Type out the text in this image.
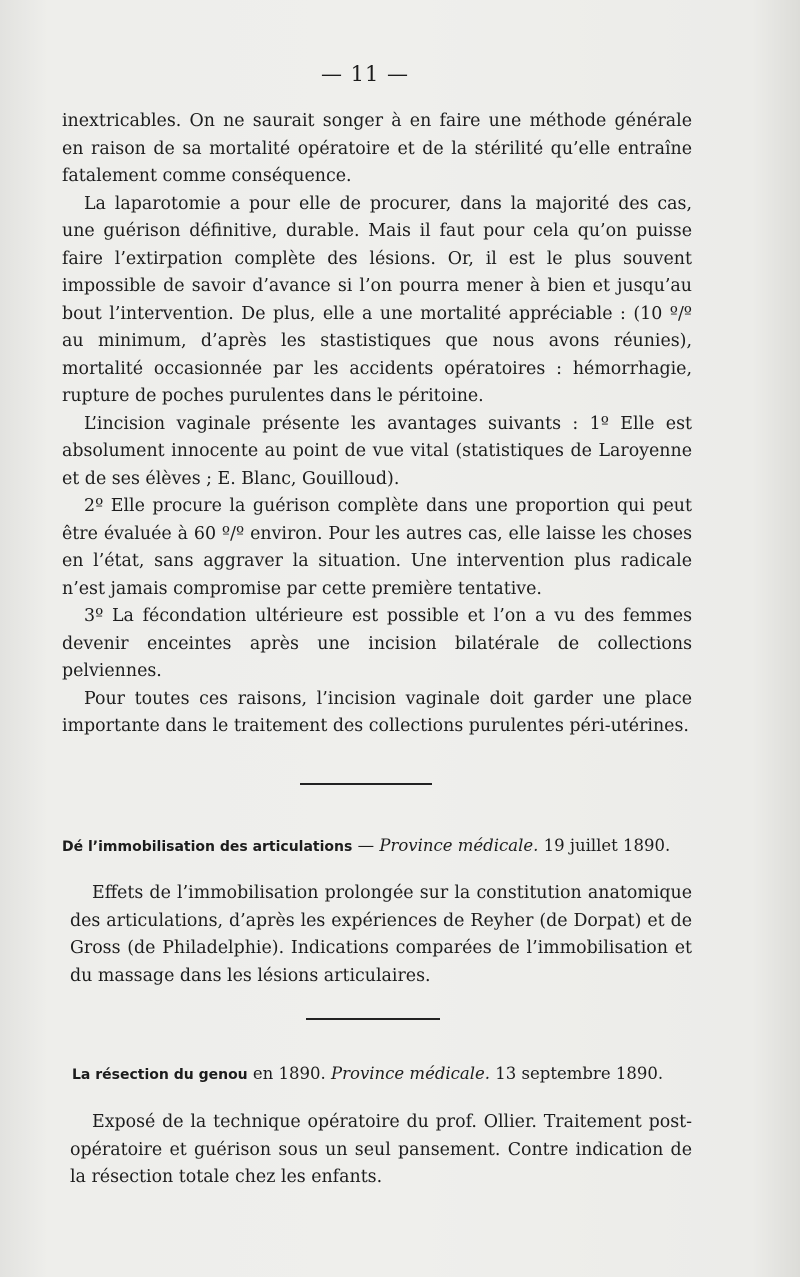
— 11 —

inextricables. On ne saurait songer à en faire une méthode générale en raison de sa mortalité opératoire et de la stérilité qu’elle entraîne fatalement comme conséquence.

La laparotomie a pour elle de procurer, dans la majorité des cas, une guérison définitive, durable. Mais il faut pour cela qu’on puisse faire l’extirpation complète des lésions. Or, il est le plus souvent impossible de savoir d’avance si l’on pourra mener à bien et jusqu’au bout l’intervention. De plus, elle a une mortalité appréciable : (10 º/º au minimum, d’après les stastistiques que nous avons réunies), mortalité occasionnée par les accidents opératoires : hémorrhagie, rupture de poches purulentes dans le péritoine.

L’incision vaginale présente les avantages suivants : 1º Elle est absolument innocente au point de vue vital (statistiques de Laroyenne et de ses élèves ; E. Blanc, Gouilloud).

2º Elle procure la guérison complète dans une proportion qui peut être évaluée à 60 º/º environ. Pour les autres cas, elle laisse les choses en l’état, sans aggraver la situation. Une intervention plus radicale n’est jamais compromise par cette première tentative.

3º La fécondation ultérieure est possible et l’on a vu des femmes devenir enceintes après une incision bilatérale de collections pelviennes.

Pour toutes ces raisons, l’incision vaginale doit garder une place importante dans le traitement des collections purulentes péri-utérines.

Dé l’immobilisation des articulations — Province médicale. 19 juillet 1890.

Effets de l’immobilisation prolongée sur la constitution anatomique des articulations, d’après les expériences de Reyher (de Dorpat) et de Gross (de Philadelphie). Indications comparées de l’immobilisation et du massage dans les lésions articulaires.

La résection du genou en 1890. Province médicale. 13 septembre 1890.

Exposé de la technique opératoire du prof. Ollier. Traitement post-opératoire et guérison sous un seul pansement. Contre indication de la résection totale chez les enfants.
